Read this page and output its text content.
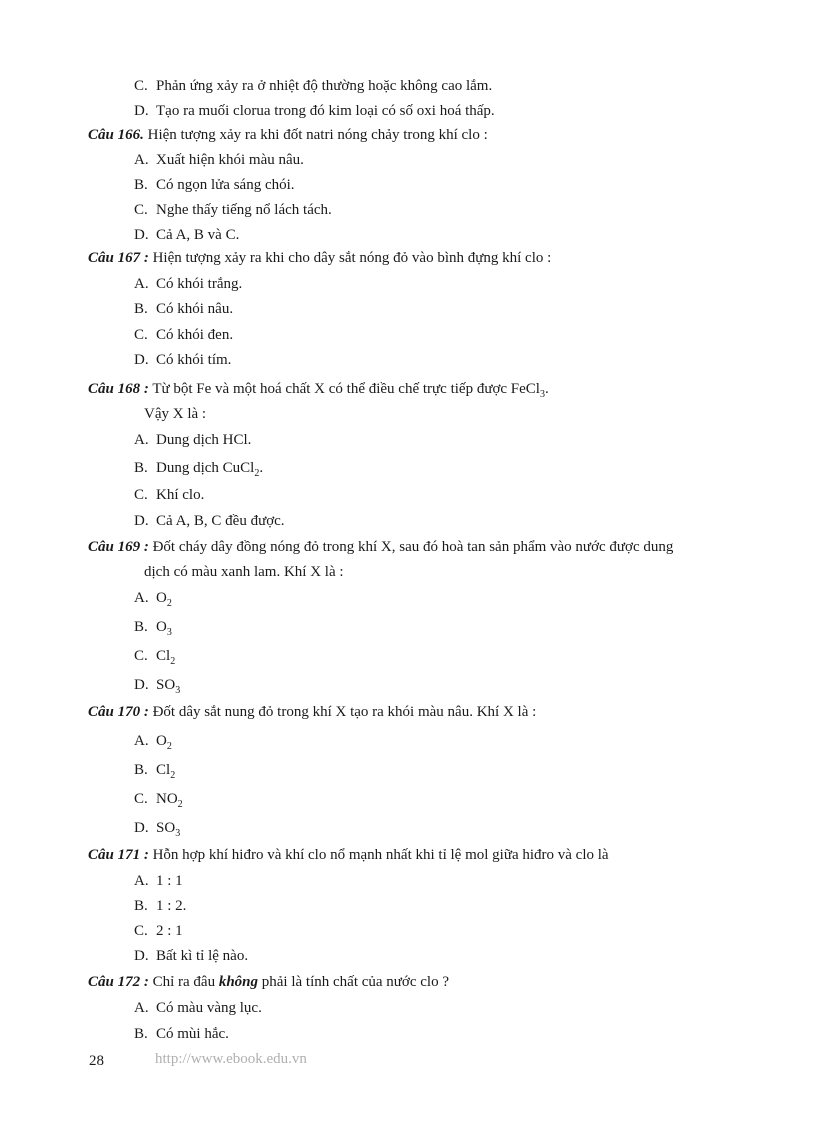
C. Phản ứng xảy ra ở nhiệt độ thường hoặc không cao lắm.
D. Tạo ra muối clorua trong đó kim loại có số oxi hoá thấp.
Câu 166. Hiện tượng xảy ra khi đốt natri nóng chảy trong khí clo :
A. Xuất hiện khói màu nâu.
B. Có ngọn lửa sáng chói.
C. Nghe thấy tiếng nổ lách tách.
D. Cả A, B và C.
Câu 167 : Hiện tượng xảy ra khi cho dây sắt nóng đỏ vào bình đựng khí clo :
A. Có khói trắng.
B. Có khói nâu.
C. Có khói đen.
D. Có khói tím.
Câu 168 : Từ bột Fe và một hoá chất X có thể điều chế trực tiếp được FeCl$_3$.
Vậy X là :
A. Dung dịch HCl.
B. Dung dịch CuCl$_2$.
C. Khí clo.
D. Cả A, B, C đều được.
Câu 169 : Đốt cháy dây đồng nóng đỏ trong khí X, sau đó hoà tan sản phẩm vào nước được dung
dịch có màu xanh lam. Khí X là :
A. $O_2$
B. $O_3$
C. $Cl_2$
D. $SO_3$
Câu 170 : Đốt dây sắt nung đỏ trong khí X tạo ra khói màu nâu. Khí X là :
A. $O_2$
B. $Cl_2$
C. $NO_2$
D. $SO_3$
Câu 171 : Hỗn hợp khí hiđro và khí clo nổ mạnh nhất khi tỉ lệ mol giữa hiđro và clo là
A. 1 : 1
B. 1 : 2.
C. 2 : 1
D. Bất kì tỉ lệ nào.
Câu 172 : Chỉ ra đâu không phải là tính chất của nước clo ?
A. Có màu vàng lục.
B. Có mùi hắc.
28	http://www.ebook.edu.vn
